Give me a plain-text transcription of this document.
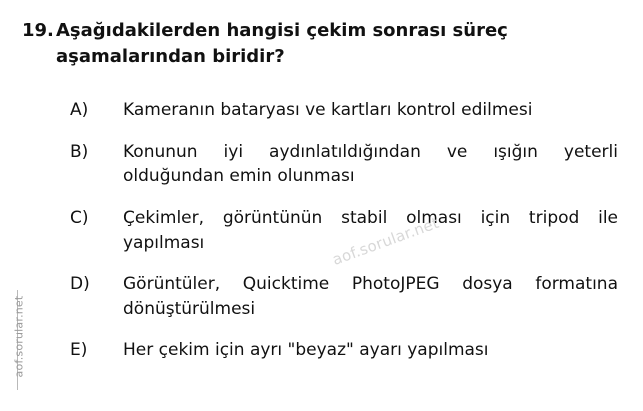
aof.sorular.net
19. Aşağıdakilerden hangisi çekim sonrası süreç aşamalarından biridir?
A)	Kameranın bataryası ve kartları kontrol edilmesi
B)	Konunun iyi aydınlatıldığından ve ışığın yeterli olduğundan emin olunması
C)	Çekimler, görüntünün stabil olması için tripod ile yapılması
D)	Görüntüler, Quicktime PhotoJPEG dosya formatına dönüştürülmesi
E)	Her çekim için ayrı "beyaz" ayarı yapılması
aof.sorular.net
